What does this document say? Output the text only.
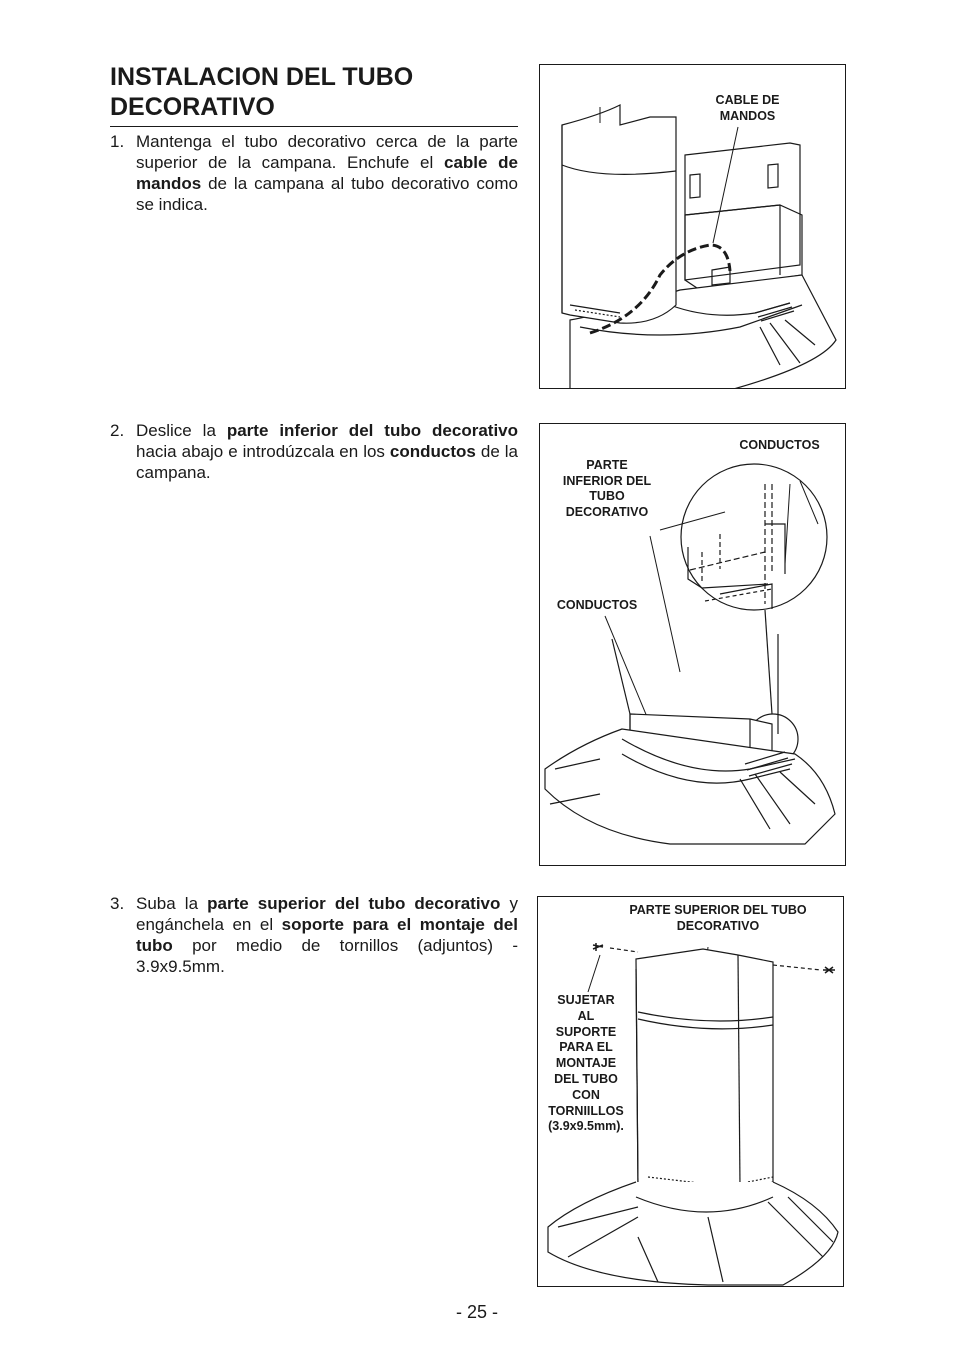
INSTALACION DEL TUBO
DECORATIVO
1. Mantenga el tubo decorativo cerca de la parte superior de la campana. Enchufe el cable de mandos de la campana al tubo decorativo como se indica.
2. Deslice la parte inferior del tubo decorativo hacia abajo e introdúzcala en los conductos de la campana.
3. Suba la parte superior del tubo decorativo y engánchela en el soporte para el montaje del tubo por medio de tornillos (adjuntos) - 3.9x9.5mm.
CABLE DE
MANDOS
CONDUCTOS
PARTE
INFERIOR DEL
TUBO
DECORATIVO
CONDUCTOS
PARTE SUPERIOR DEL TUBO
DECORATIVO
SUJETAR
AL
SUPORTE
PARA EL
MONTAJE
DEL TUBO
CON
TORNIILLOS
(3.9x9.5mm).
- 25 -
